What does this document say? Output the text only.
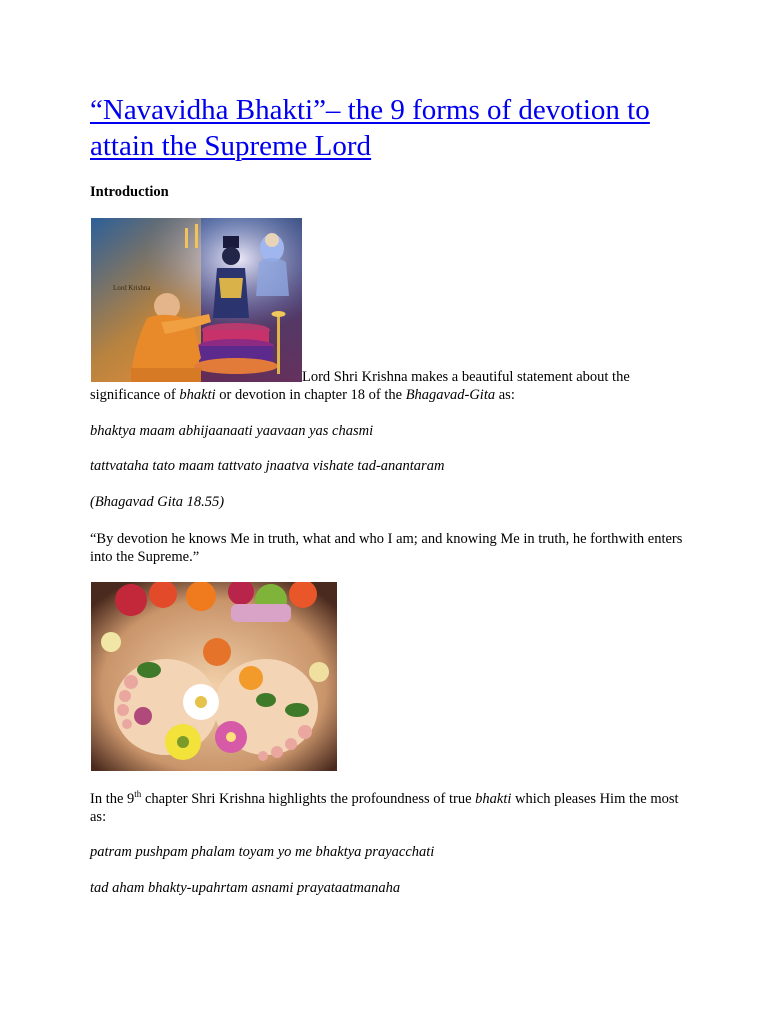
“Navavidha Bhakti”– the 9 forms of devotion to attain the Supreme Lord

Introduction

Lord Krishna

Lord Shri Krishna makes a beautiful statement about the significance of bhakti or devotion in chapter 18 of the Bhagavad-Gita as:

bhaktya maam abhijaanaati yaavaan yas chasmi

tattvataha tato maam tattvato jnaatva vishate tad-anantaram

(Bhagavad Gita 18.55)

“By devotion he knows Me in truth, what and who I am; and knowing Me in truth, he forthwith enters into the Supreme.”

In the 9th chapter Shri Krishna highlights the profoundness of true bhakti which pleases Him the most as:

patram pushpam phalam toyam yo me bhaktya prayacchati

tad aham bhakty-upahrtam asnami prayataatmanaha
